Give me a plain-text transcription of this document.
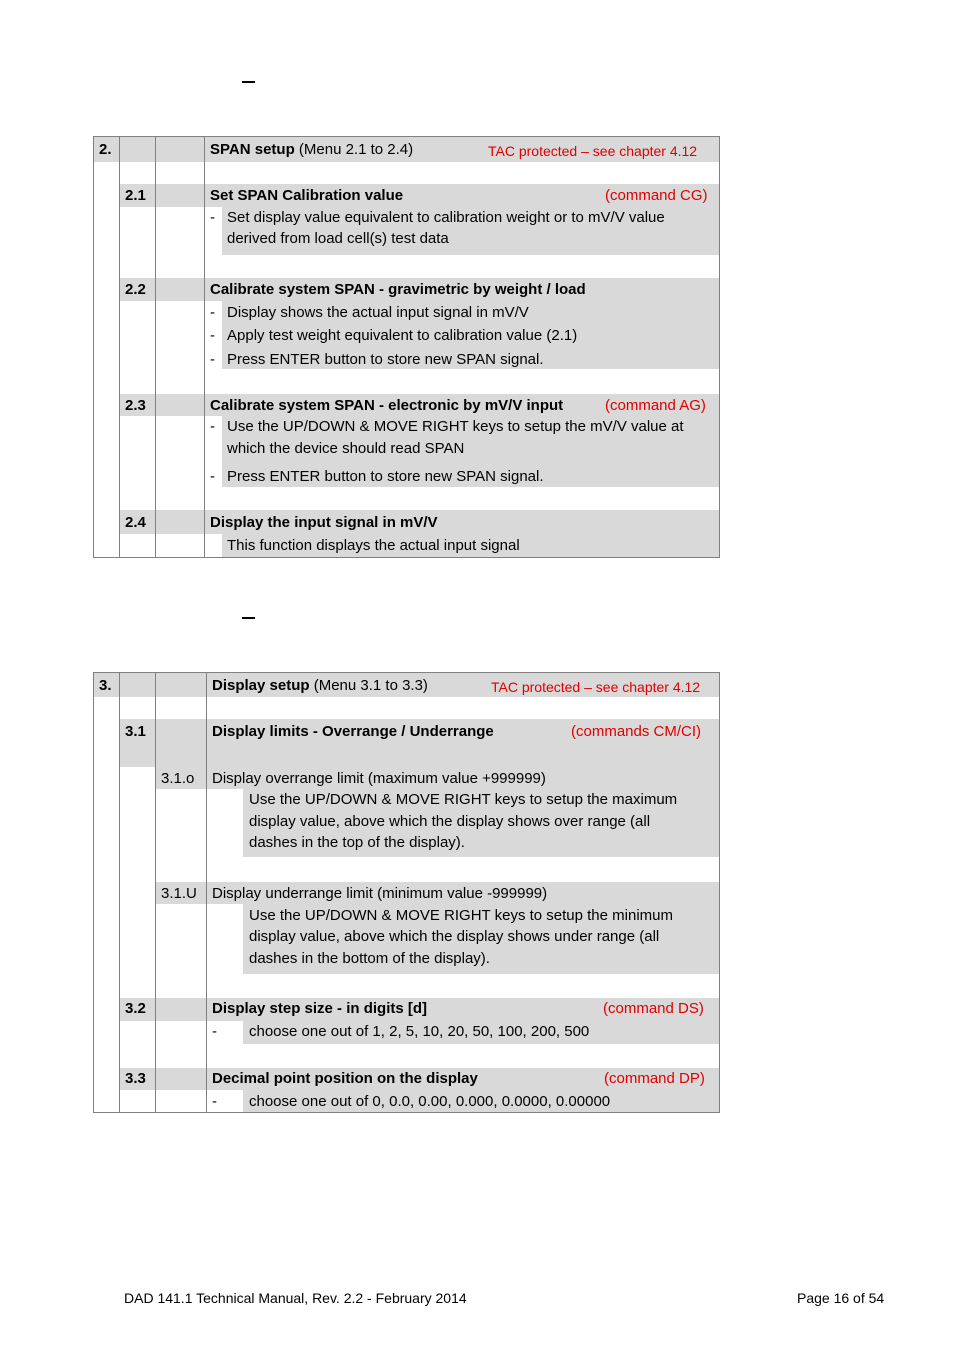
2.	SPAN setup (Menu 2.1 to 2.4)	TAC protected – see chapter 4.12
2.1	Set SPAN Calibration value	(command CG)
- Set display value equivalent to calibration weight or to mV/V value
derived from load cell(s) test data
2.2	Calibrate system SPAN - gravimetric by weight / load
- Display shows the actual input signal in mV/V
- Apply test weight equivalent to calibration value (2.1)
- Press ENTER button to store new SPAN signal.
2.3	Calibrate system SPAN - electronic by mV/V input	(command AG)
- Use the UP/DOWN & MOVE RIGHT keys to setup the mV/V value at
which the device should read SPAN
- Press ENTER button to store new SPAN signal.
2.4	Display the input signal in mV/V
This function displays the actual input signal
3.	Display setup (Menu 3.1 to 3.3)	TAC protected – see chapter 4.12
3.1	Display limits - Overrange / Underrange	(commands CM/CI)
3.1.o Display overrange limit (maximum value +999999)
Use the UP/DOWN & MOVE RIGHT keys to setup the maximum
display value, above which the display shows over range (all
dashes in the top of the display).
3.1.U Display underrange limit (minimum value -999999)
Use the UP/DOWN & MOVE RIGHT keys to setup the minimum
display value, above which the display shows under range (all
dashes in the bottom of the display).
3.2	Display step size - in digits [d]	(command DS)
- choose one out of 1, 2, 5, 10, 20, 50, 100, 200, 500
3.3	Decimal point position on the display	(command DP)
- choose one out of 0, 0.0, 0.00, 0.000, 0.0000, 0.00000
DAD 141.1 Technical Manual, Rev. 2.2 - February 2014	Page 16 of 54
